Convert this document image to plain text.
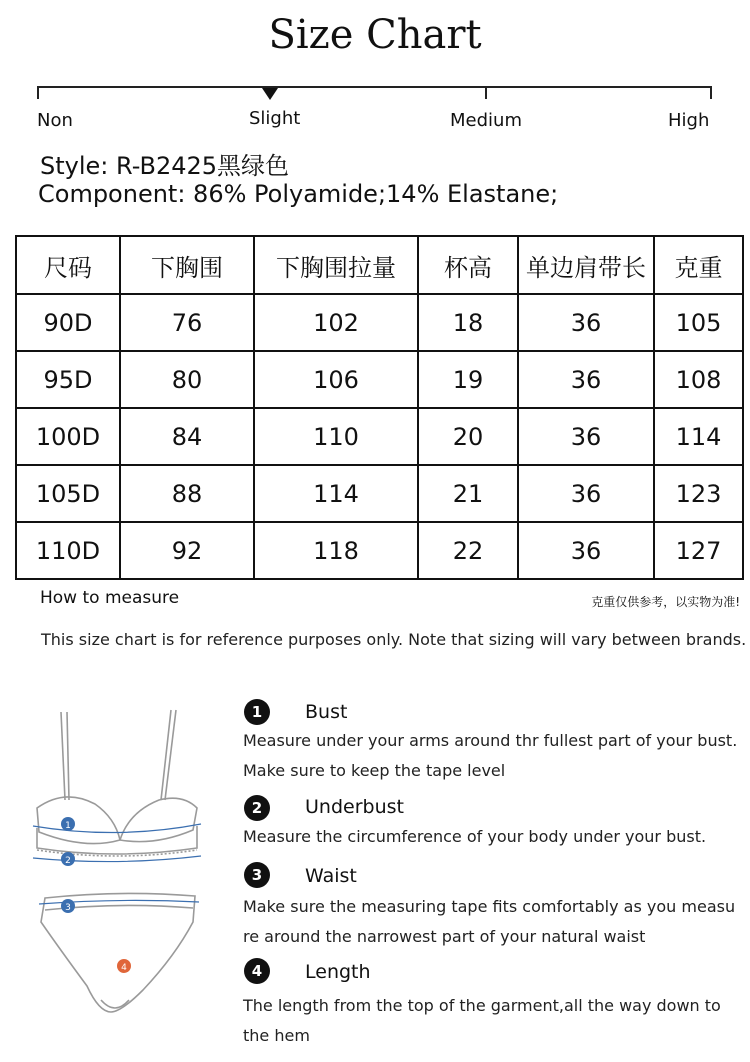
Size Chart
Non	Slight	Medium	High
Style: R-B2425黑绿色
Component: 86% Polyamide;14% Elastane;
尺码	下胸围	下胸围拉量	杯高	单边肩带长	克重
90D	76	102	18	36	105
95D	80	106	19	36	108
100D	84	110	20	36	114
105D	88	114	21	36	123
110D	92	118	22	36	127
How to measure	克重仅供参考，以实物为准!
This size chart is for reference purposes only. Note that sizing will vary between brands.
1
2
3
4
1	Bust
Measure under your arms around thr fullest part of your bust.
Make sure to keep the tape level
2	Underbust
Measure the circumference of your body under your bust.
3	Waist
Make sure the measuring tape fits comfortably as you measu
re around the narrowest part of your natural waist
4	Length
The length from the top of the garment,all the way down to
the hem
